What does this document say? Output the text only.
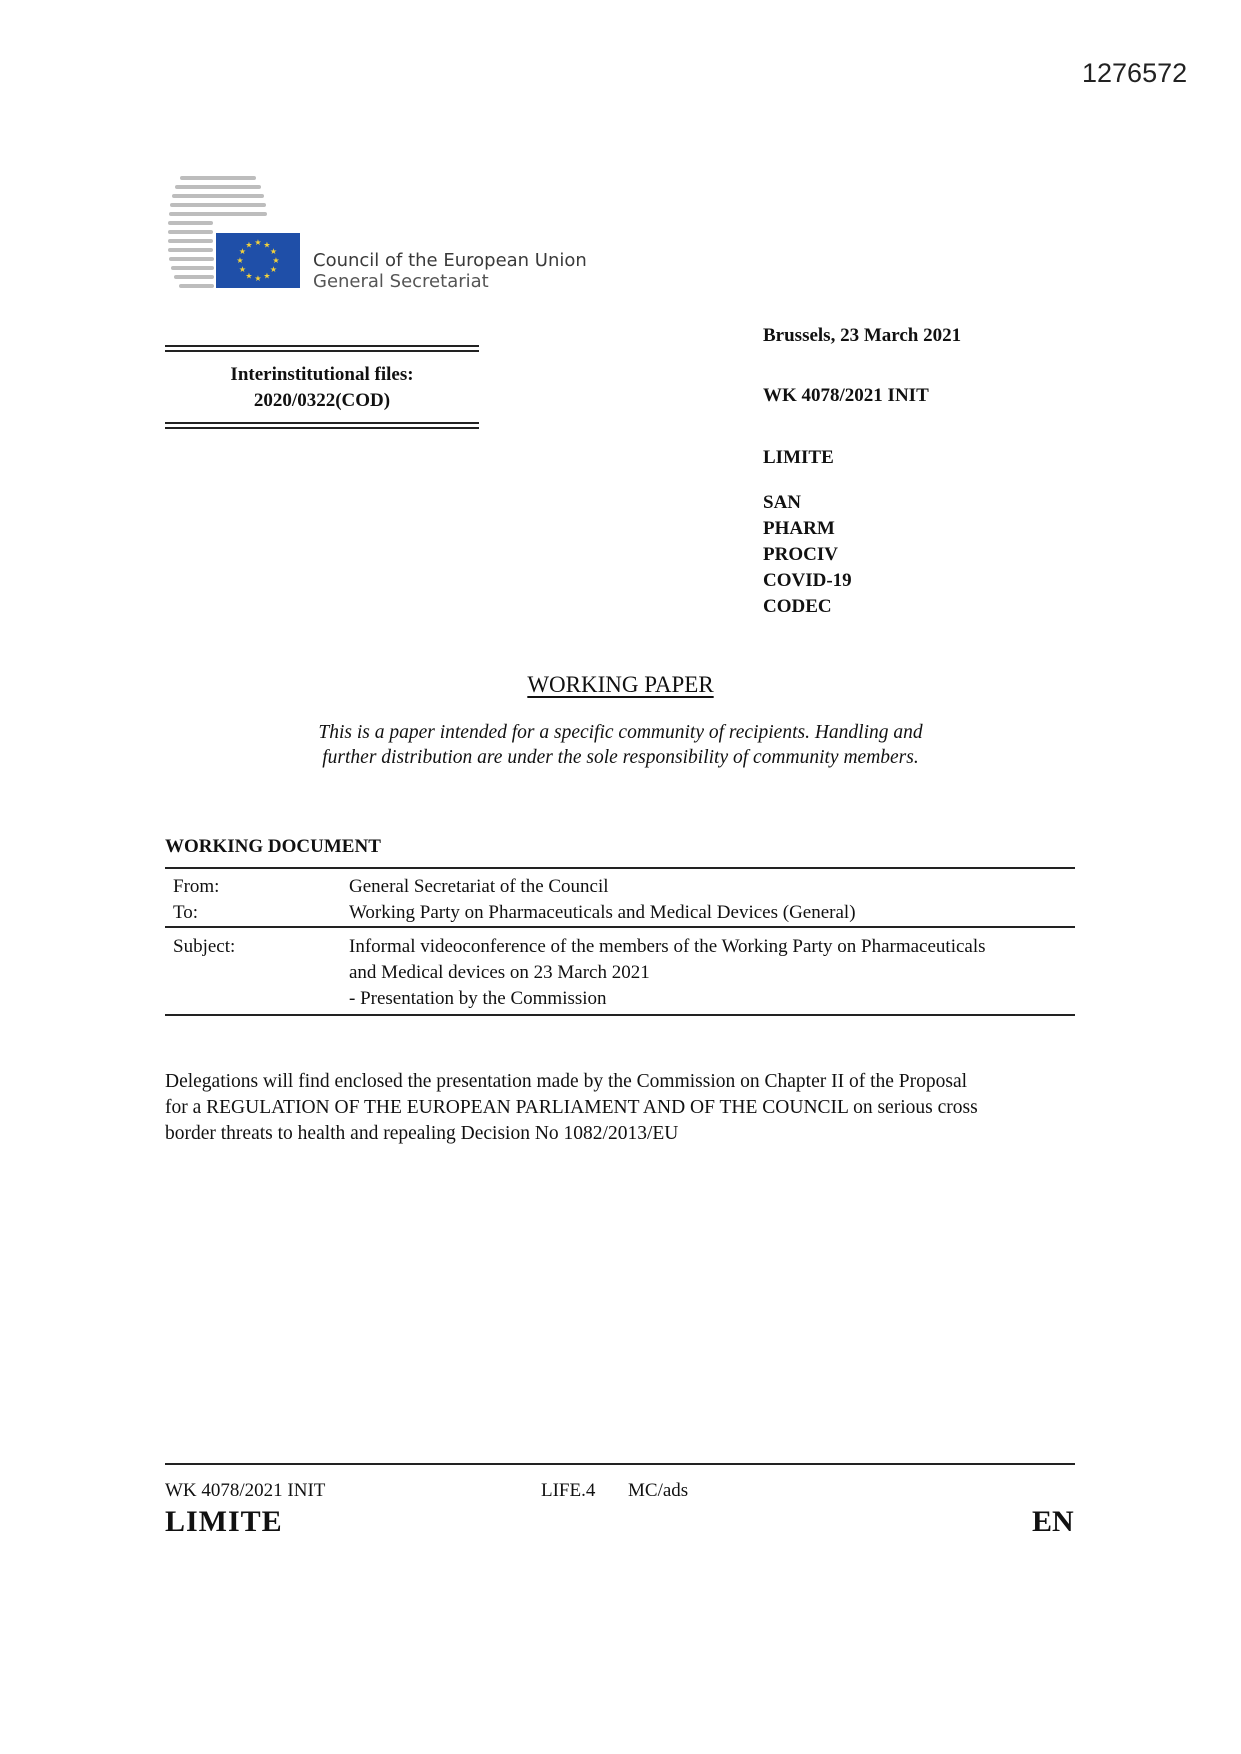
1276572
★ ★
★
★
★
★
★
★
★
★
★
★
Council of the European Union
General Secretariat
Interinstitutional files:
2020/0322(COD)
Brussels, 23 March 2021
WK 4078/2021 INIT
LIMITE
SAN
PHARM
PROCIV
COVID-19
CODEC
WORKING PAPER
This is a paper intended for a specific community of recipients. Handling and
further distribution are under the sole responsibility of community members.
WORKING DOCUMENT
From:	General Secretariat of the Council
To:	Working Party on Pharmaceuticals and Medical Devices (General)
Subject:	Informal videoconference of the members of the Working Party on Pharmaceuticals
and Medical devices on 23 March 2021
- Presentation by the Commission
Delegations will find enclosed the presentation made by the Commission on Chapter II of the Proposal
for a REGULATION OF THE EUROPEAN PARLIAMENT AND OF THE COUNCIL on serious cross
border threats to health and repealing Decision No 1082/2013/EU
WK 4078/2021 INIT	LIFE.4 MC/ads
LIMITE	EN
